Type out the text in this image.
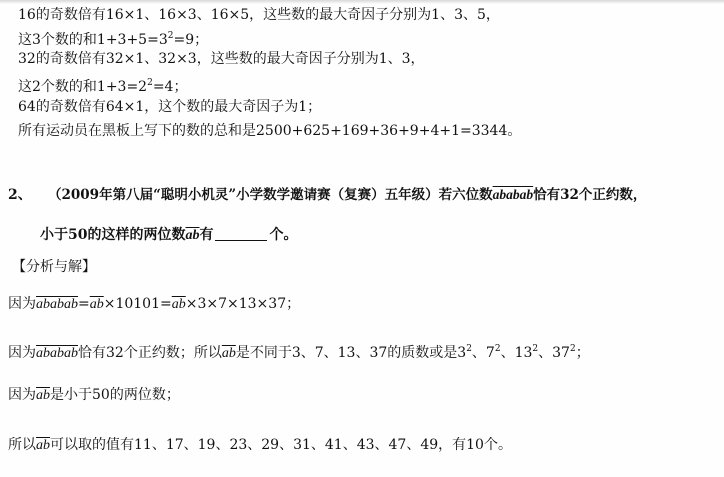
16的奇数倍有16×1、16×3、16×5，这些数的最大奇因子分别为1、3、5，
这3个数的和$1+3+5=3^2=9$；
32的奇数倍有32×1、32×3，这些数的最大奇因子分别为1、3，
这2个数的和$1+3=2^2=4$；
64的奇数倍有64×1，这个数的最大奇因子为1；
所有运动员在黑板上写下的数的总和是2500+625+169+36+9+4+1=3344。
2、 （2009年第八届“聪明小机灵”小学数学邀请赛（复赛）五年级）若六位数ababab恰有32个正约数，
小于50的这样的两位数$\overline{ab}$有	个。
【分析与解】
因为$ababab=\overline{ab}\times 10101=\overline{ab}\times 3\times 7\times 13\times 37$；
因为ababab恰有32个正约数；所以$\overline{ab}$是不同于3、7、13、37的质数或是$3^2$、$7^2$、$13^2$、$37^2$；
因为$\overline{ab}$是小于50的两位数；
所以$\overline{ab}$可以取的值有11、17、19、23、29、31、41、43、47、49，有10个。
